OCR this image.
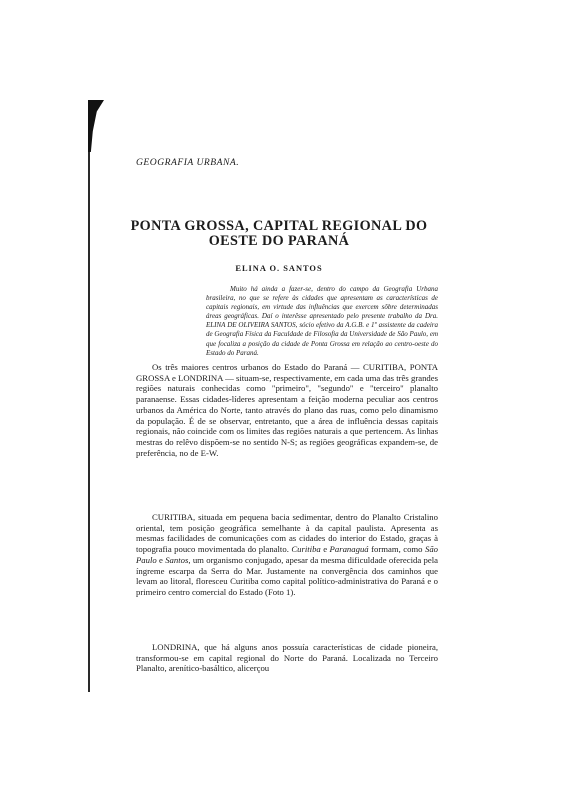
GEOGRAFIA URBANA.
PONTA GROSSA, CAPITAL REGIONAL DO
OESTE DO PARANÁ
ELINA O. SANTOS

Muito há ainda a fazer-se, dentro do campo da Geografia Urbana brasileira, no que se refere às cidades que apresentam as características de capitais regionais, em virtude das influências que exercem sôbre determinadas áreas geográficas. Daí o interêsse apresentado pelo presente trabalho da Dra. ELINA DE OLIVEIRA SANTOS, sócio efetivo da A.G.B. e 1º assistente da cadeira de Geografia Física da Faculdade de Filosofia da Universidade de São Paulo, em que focaliza a posição da cidade de Ponta Grossa em relação ao centro-oeste do Estado do Paraná.

Os três maiores centros urbanos do Estado do Paraná — CURITIBA, PONTA GROSSA e LONDRINA — situam-se, respectivamente, em cada uma das três grandes regiões naturais conhecidas como "primeiro", "segundo" e "terceiro" planalto paranaense. Essas cidades-líderes apresentam a feição moderna peculiar aos centros urbanos da América do Norte, tanto através do plano das ruas, como pelo dinamismo da população. É de se observar, entretanto, que a área de influência dessas capitais regionais, não coincide com os limites das regiões naturais a que pertencem. As linhas mestras do relêvo dispõem-se no sentido N-S; as regiões geográficas expandem-se, de preferência, no de E-W.

CURITIBA, situada em pequena bacia sedimentar, dentro do Planalto Cristalino oriental, tem posição geográfica semelhante à da capital paulista. Apresenta as mesmas facilidades de comunicações com as cidades do interior do Estado, graças à topografia pouco movimentada do planalto. Curitiba e Paranaguá formam, como São Paulo e Santos, um organismo conjugado, apesar da mesma dificuldade oferecida pela íngreme escarpa da Serra do Mar. Justamente na convergência dos caminhos que levam ao litoral, floresceu Curitiba como capital político-administrativa do Paraná e o primeiro centro comercial do Estado (Foto 1).

LONDRINA, que há alguns anos possuía características de cidade pioneira, transformou-se em capital regional do Norte do Paraná. Localizada no Terceiro Planalto, arenítico-basáltico, alicerçou
